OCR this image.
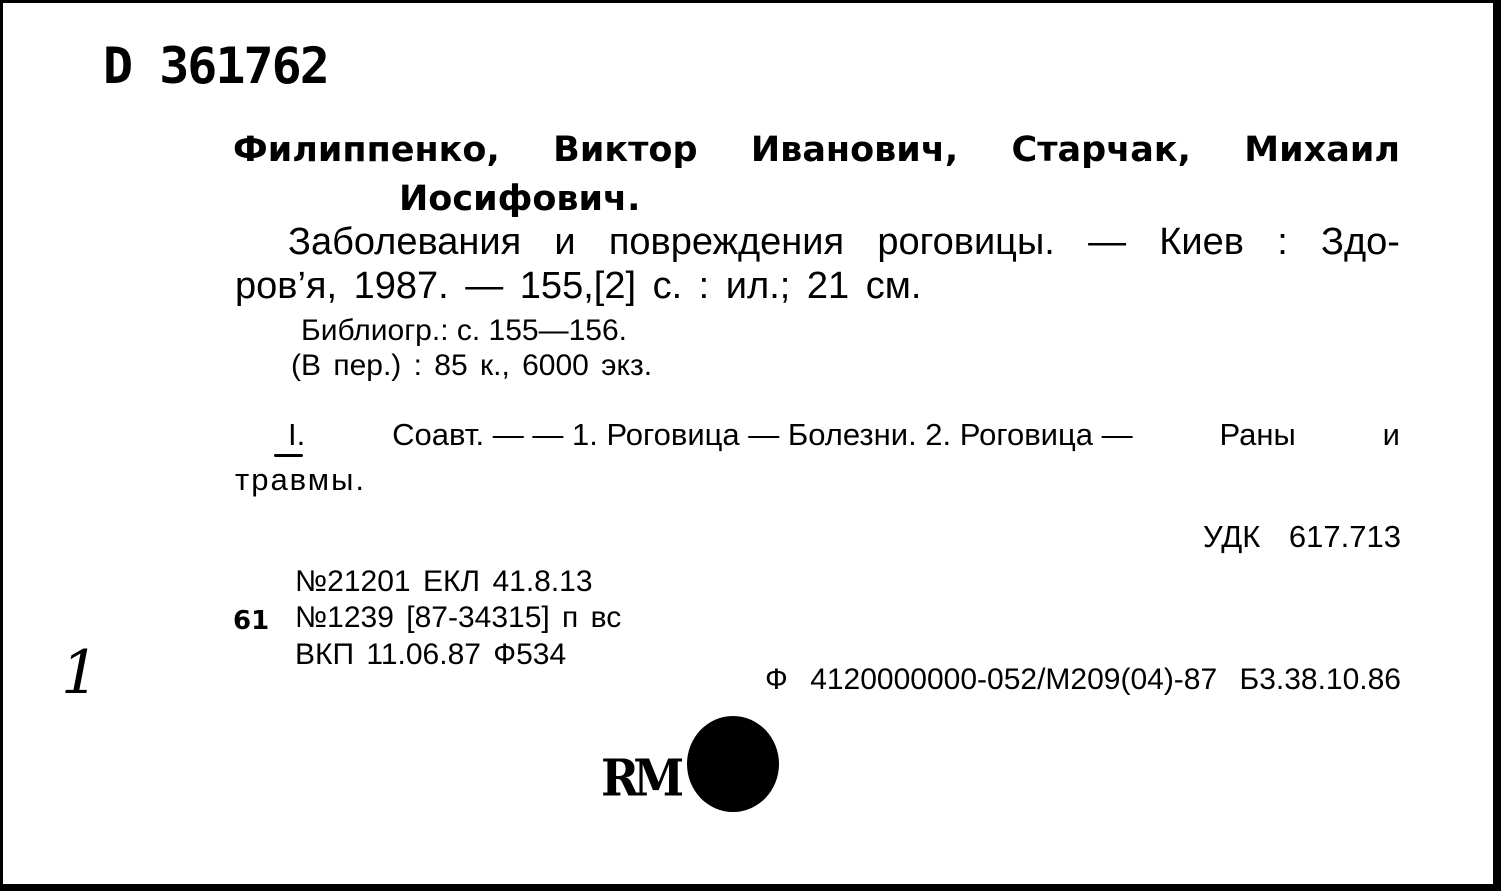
D 361762
Филиппенко, Виктор Иванович, Старчак, Михаил
Иосифович.
Заболевания и повреждения роговицы. — Киев : Здо-
ров’я, 1987. — 155,[2] с. : ил.; 21 см.
Библиогр.: с. 155—156.
(В пер.) : 85 к., 6000 экз.
I.	Соавт. — — 1. Роговица — Болезни. 2. Роговица —	Раны	и
травмы.
УДК 617.713
№21201 ЕКЛ 41.8.13
61 №1239 [87-34315] п вс
ВКП 11.06.87 Ф534
Ф 4120000000-052/М209(04)-87 Б3.38.10.86
1
RM
